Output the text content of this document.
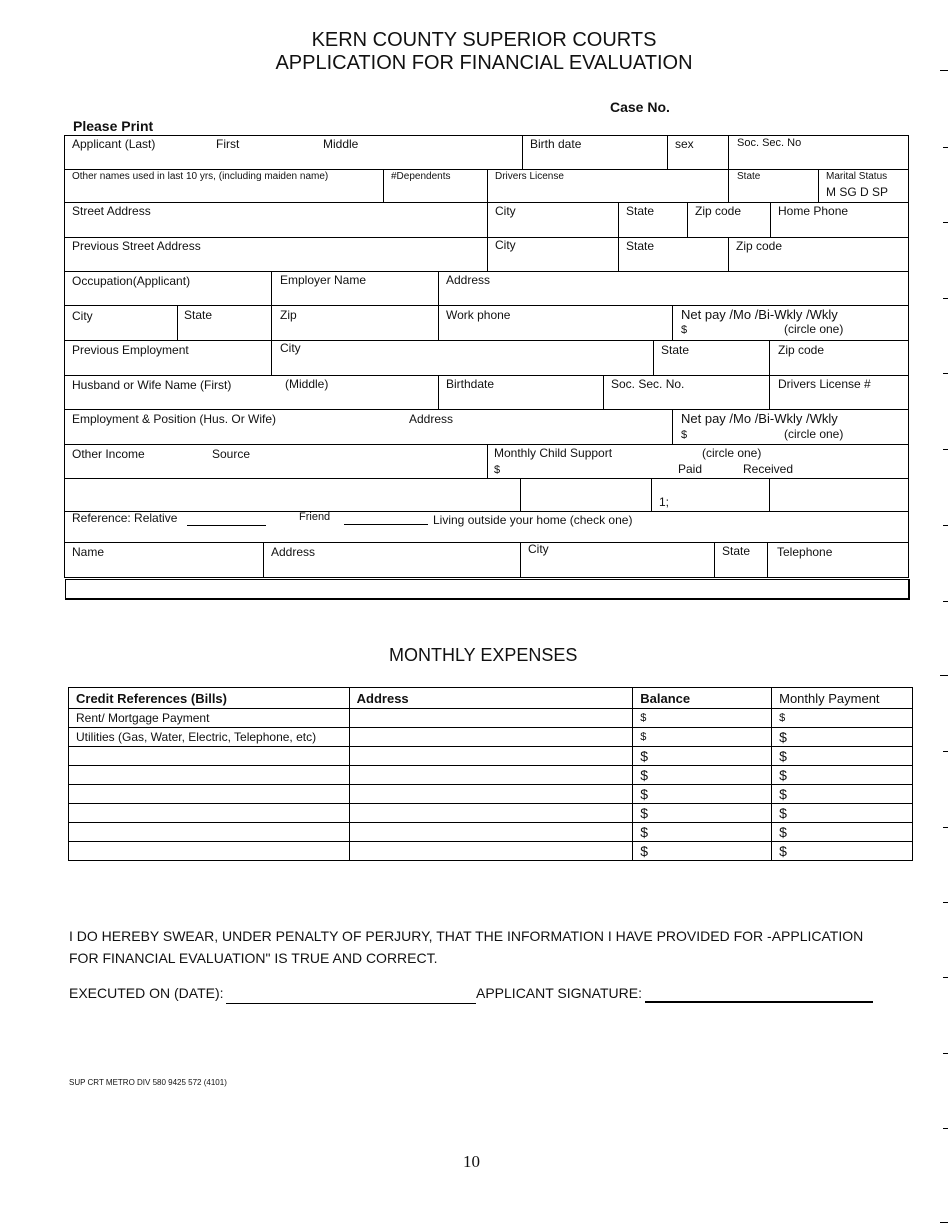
KERN COUNTY SUPERIOR COURTS
APPLICATION FOR FINANCIAL EVALUATION
Case No.
Please Print
Applicant (Last)	First	Middle	Birth date	sex	Soc. Sec. No
Other names used in last 10 yrs, (including maiden name)	#Dependents	Drivers License	State	Marital Status
M SG D SP
Street Address	City	State	Zip code	Home Phone
Previous Street Address	City	State	Zip code
Occupation(Applicant)	Employer Name	Address
City	State	Zip	Work phone	Net pay /Mo /Bi-Wkly /Wkly
$	(circle one)
Previous Employment	City	State	Zip code
Husband or Wife Name (First)	(Middle)	Birthdate	Soc. Sec. No.	Drivers License #
Employment & Position (Hus. Or Wife)	Address	Net pay /Mo /Bi-Wkly /Wkly
$	(circle one)
Other Income	Source	Monthly Child Support	(circle one)
$	Paid	Received
1;
Reference: Relative	Friend	Living outside your home (check one)
Name	Address	City	State Telephone
MONTHLY EXPENSES
Credit References (Bills)	Address	Balance	Monthly Payment
Rent/ Mortgage Payment		$	$
Utilities (Gas, Water, Electric, Telephone, etc)		$	$
		$	$
		$	$
		$	$
		$	$
		$	$
		$	$
I DO HEREBY SWEAR, UNDER PENALTY OF PERJURY, THAT THE INFORMATION I HAVE PROVIDED FOR -APPLICATION
FOR FINANCIAL EVALUATION" IS TRUE AND CORRECT.
EXECUTED ON (DATE):	APPLICANT SIGNATURE:
SUP CRT METRO DIV 580 9425 572 (4101)
10
